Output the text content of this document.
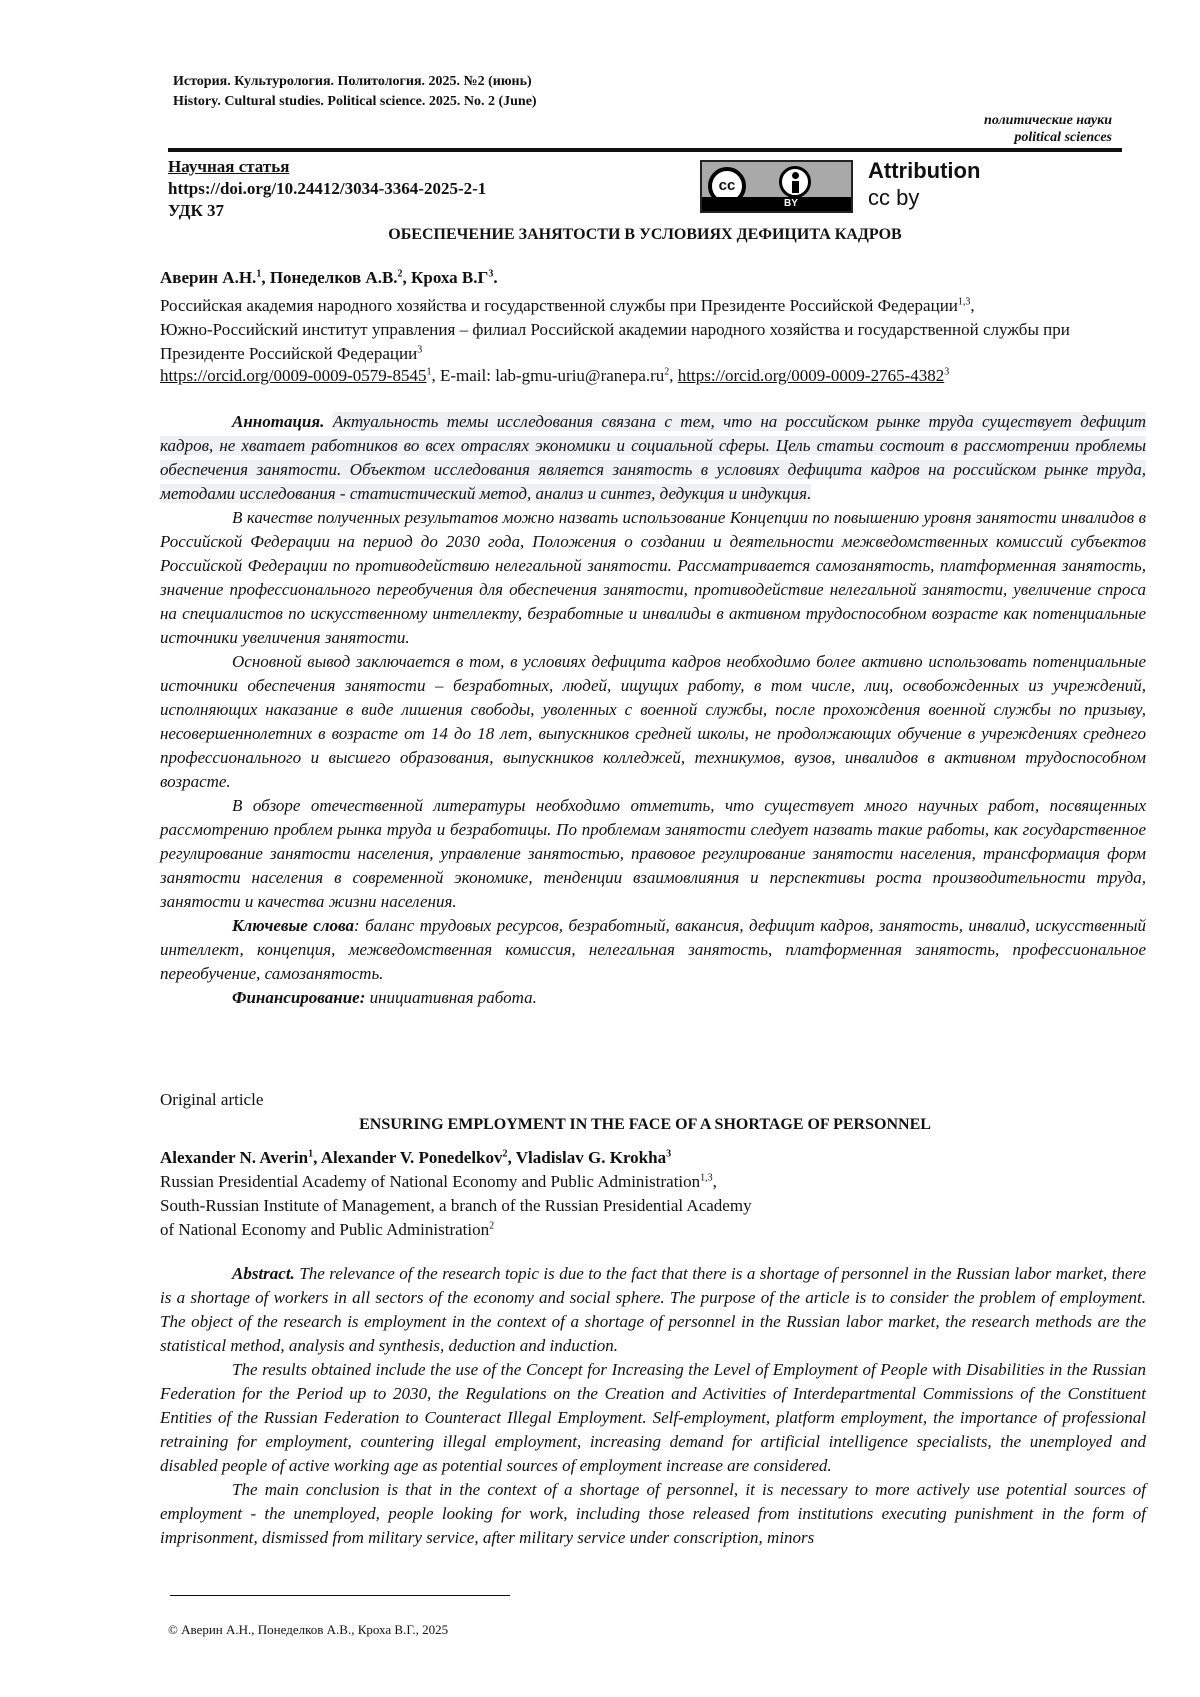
История. Культурология. Политология. 2025. №2 (июнь)
History. Cultural studies. Political science. 2025. No. 2 (June)
политические науки
political sciences
Научная статья
https://doi.org/10.24412/3034-3364-2025-2-1
УДК 37
cc
BY
Attribution
cc by
ОБЕСПЕЧЕНИЕ ЗАНЯТОСТИ В УСЛОВИЯХ ДЕФИЦИТА КАДРОВ
Аверин А.Н.$^1$, Понеделков А.В.$^2$, Кроха $В.Г^3$.
Российская академия народного хозяйства и государственной службы при Президенте Российской Федерации$^{1,3}$,
Южно-Российский институт управления – филиал Российской академии народного хозяйства и государственной службы при Президенте Российской Федерации$^3$
https://orcid.org/0009-0009-0579-8545$^1$, E-mail: lab-$gmu-uriu@ranepa.ru^2$, https://orcid.org/0009-0009-2765-4382$^3$

Аннотация. Актуальность темы исследования связана с тем, что на российском рынке труда существует дефицит кадров, не хватает работников во всех отраслях экономики и социальной сферы. Цель статьи состоит в рассмотрении проблемы обеспечения занятости. Объектом исследования является занятость в условиях дефицита кадров на российском рынке труда, методами исследования - статистический метод, анализ и синтез, дедукция и индукция.

В качестве полученных результатов можно назвать использование Концепции по повышению уровня занятости инвалидов в Российской Федерации на период до 2030 года, Положения о создании и деятельности межведомственных комиссий субъектов Российской Федерации по противодействию нелегальной занятости. Рассматривается самозанятость, платформенная занятость, значение профессионального переобучения для обеспечения занятости, противодействие нелегальной занятости, увеличение спроса на специалистов по искусственному интеллекту, безработные и инвалиды в активном трудоспособном возрасте как потенциальные источники увеличения занятости.

Основной вывод заключается в том, в условиях дефицита кадров необходимо более активно использовать потенциальные источники обеспечения занятости – безработных, людей, ищущих работу, в том числе, лиц, освобожденных из учреждений, исполняющих наказание в виде лишения свободы, уволенных с военной службы, после прохождения военной службы по призыву, несовершеннолетних в возрасте от 14 до 18 лет, выпускников средней школы, не продолжающих обучение в учреждениях среднего профессионального и высшего образования, выпускников колледжей, техникумов, вузов, инвалидов в активном трудоспособном возрасте.

В обзоре отечественной литературы необходимо отметить, что существует много научных работ, посвященных рассмотрению проблем рынка труда и безработицы. По проблемам занятости следует назвать такие работы, как государственное регулирование занятости населения, управление занятостью, правовое регулирование занятости населения, трансформация форм занятости населения в современной экономике, тенденции взаимовлияния и перспективы роста производительности труда, занятости и качества жизни населения.

Ключевые слова: баланс трудовых ресурсов, безработный, вакансия, дефицит кадров, занятость, инвалид, искусственный интеллект, концепция, межведомственная комиссия, нелегальная занятость, платформенная занятость, профессиональное переобучение, самозанятость.

Финансирование: инициативная работа.

Original article
ENSURING EMPLOYMENT IN THE FACE OF A SHORTAGE OF PERSONNEL
Alexander N. Averin$^1$, Alexander V. Ponedelkov$^2$, Vladislav G. Krokha$^3$
Russian Presidential Academy of National Economy and Public Administration$^{1,3}$,
South-Russian Institute of Management, a branch of the Russian Presidential Academy
of National Economy and Public Administration$^2$

Abstract. The relevance of the research topic is due to the fact that there is a shortage of personnel in the Russian labor market, there is a shortage of workers in all sectors of the economy and social sphere. The purpose of the article is to consider the problem of employment. The object of the research is employment in the context of a shortage of personnel in the Russian labor market, the research methods are the statistical method, analysis and synthesis, deduction and induction.

The results obtained include the use of the Concept for Increasing the Level of Employment of People with Disabilities in the Russian Federation for the Period up to 2030, the Regulations on the Creation and Activities of Interdepartmental Commissions of the Constituent Entities of the Russian Federation to Counteract Illegal Employment. Self-employment, platform employment, the importance of professional retraining for employment, countering illegal employment, increasing demand for artificial intelligence specialists, the unemployed and disabled people of active working age as potential sources of employment increase are considered.

The main conclusion is that in the context of a shortage of personnel, it is necessary to more actively use potential sources of employment - the unemployed, people looking for work, including those released from institutions executing punishment in the form of imprisonment, dismissed from military service, after military service under conscription, minors

© Аверин А.Н., Понеделков А.В., Кроха В.Г., 2025
